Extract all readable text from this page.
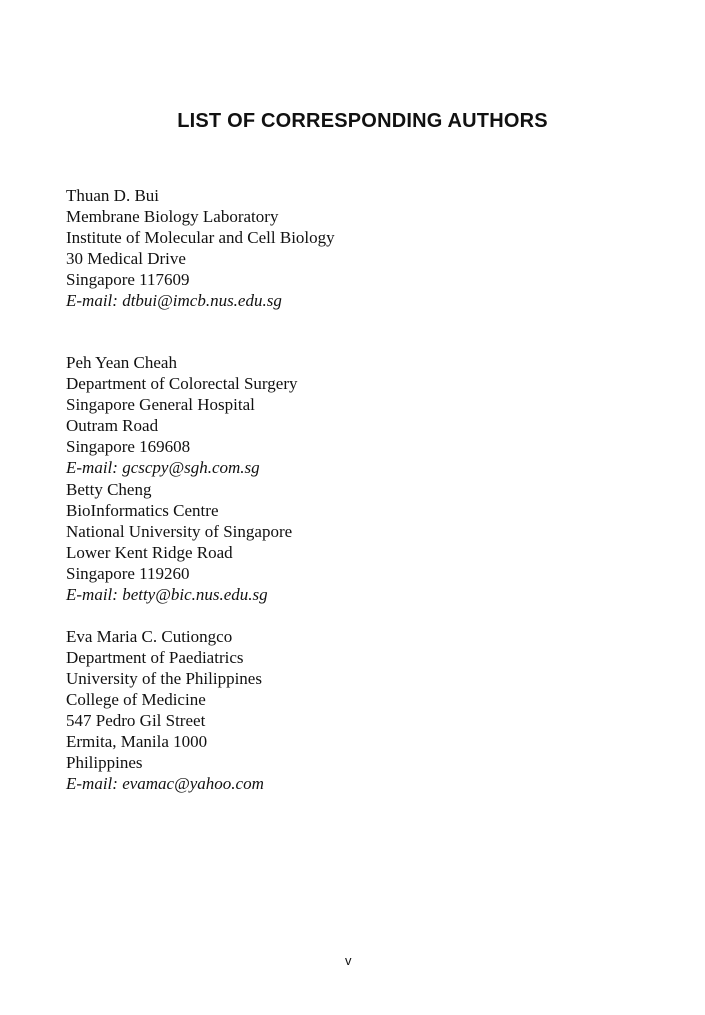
LIST OF CORRESPONDING AUTHORS
Thuan D. Bui
Membrane Biology Laboratory
Institute of Molecular and Cell Biology
30 Medical Drive
Singapore 117609
E-mail: dtbui@imcb.nus.edu.sg
Peh Yean Cheah
Department of Colorectal Surgery
Singapore General Hospital
Outram Road
Singapore 169608
E-mail: gcscpy@sgh.com.sg
Betty Cheng
BioInformatics Centre
National University of Singapore
Lower Kent Ridge Road
Singapore 119260
E-mail: betty@bic.nus.edu.sg
Eva Maria C. Cutiongco
Department of Paediatrics
University of the Philippines
College of Medicine
547 Pedro Gil Street
Ermita, Manila 1000
Philippines
E-mail: evamac@yahoo.com
v
